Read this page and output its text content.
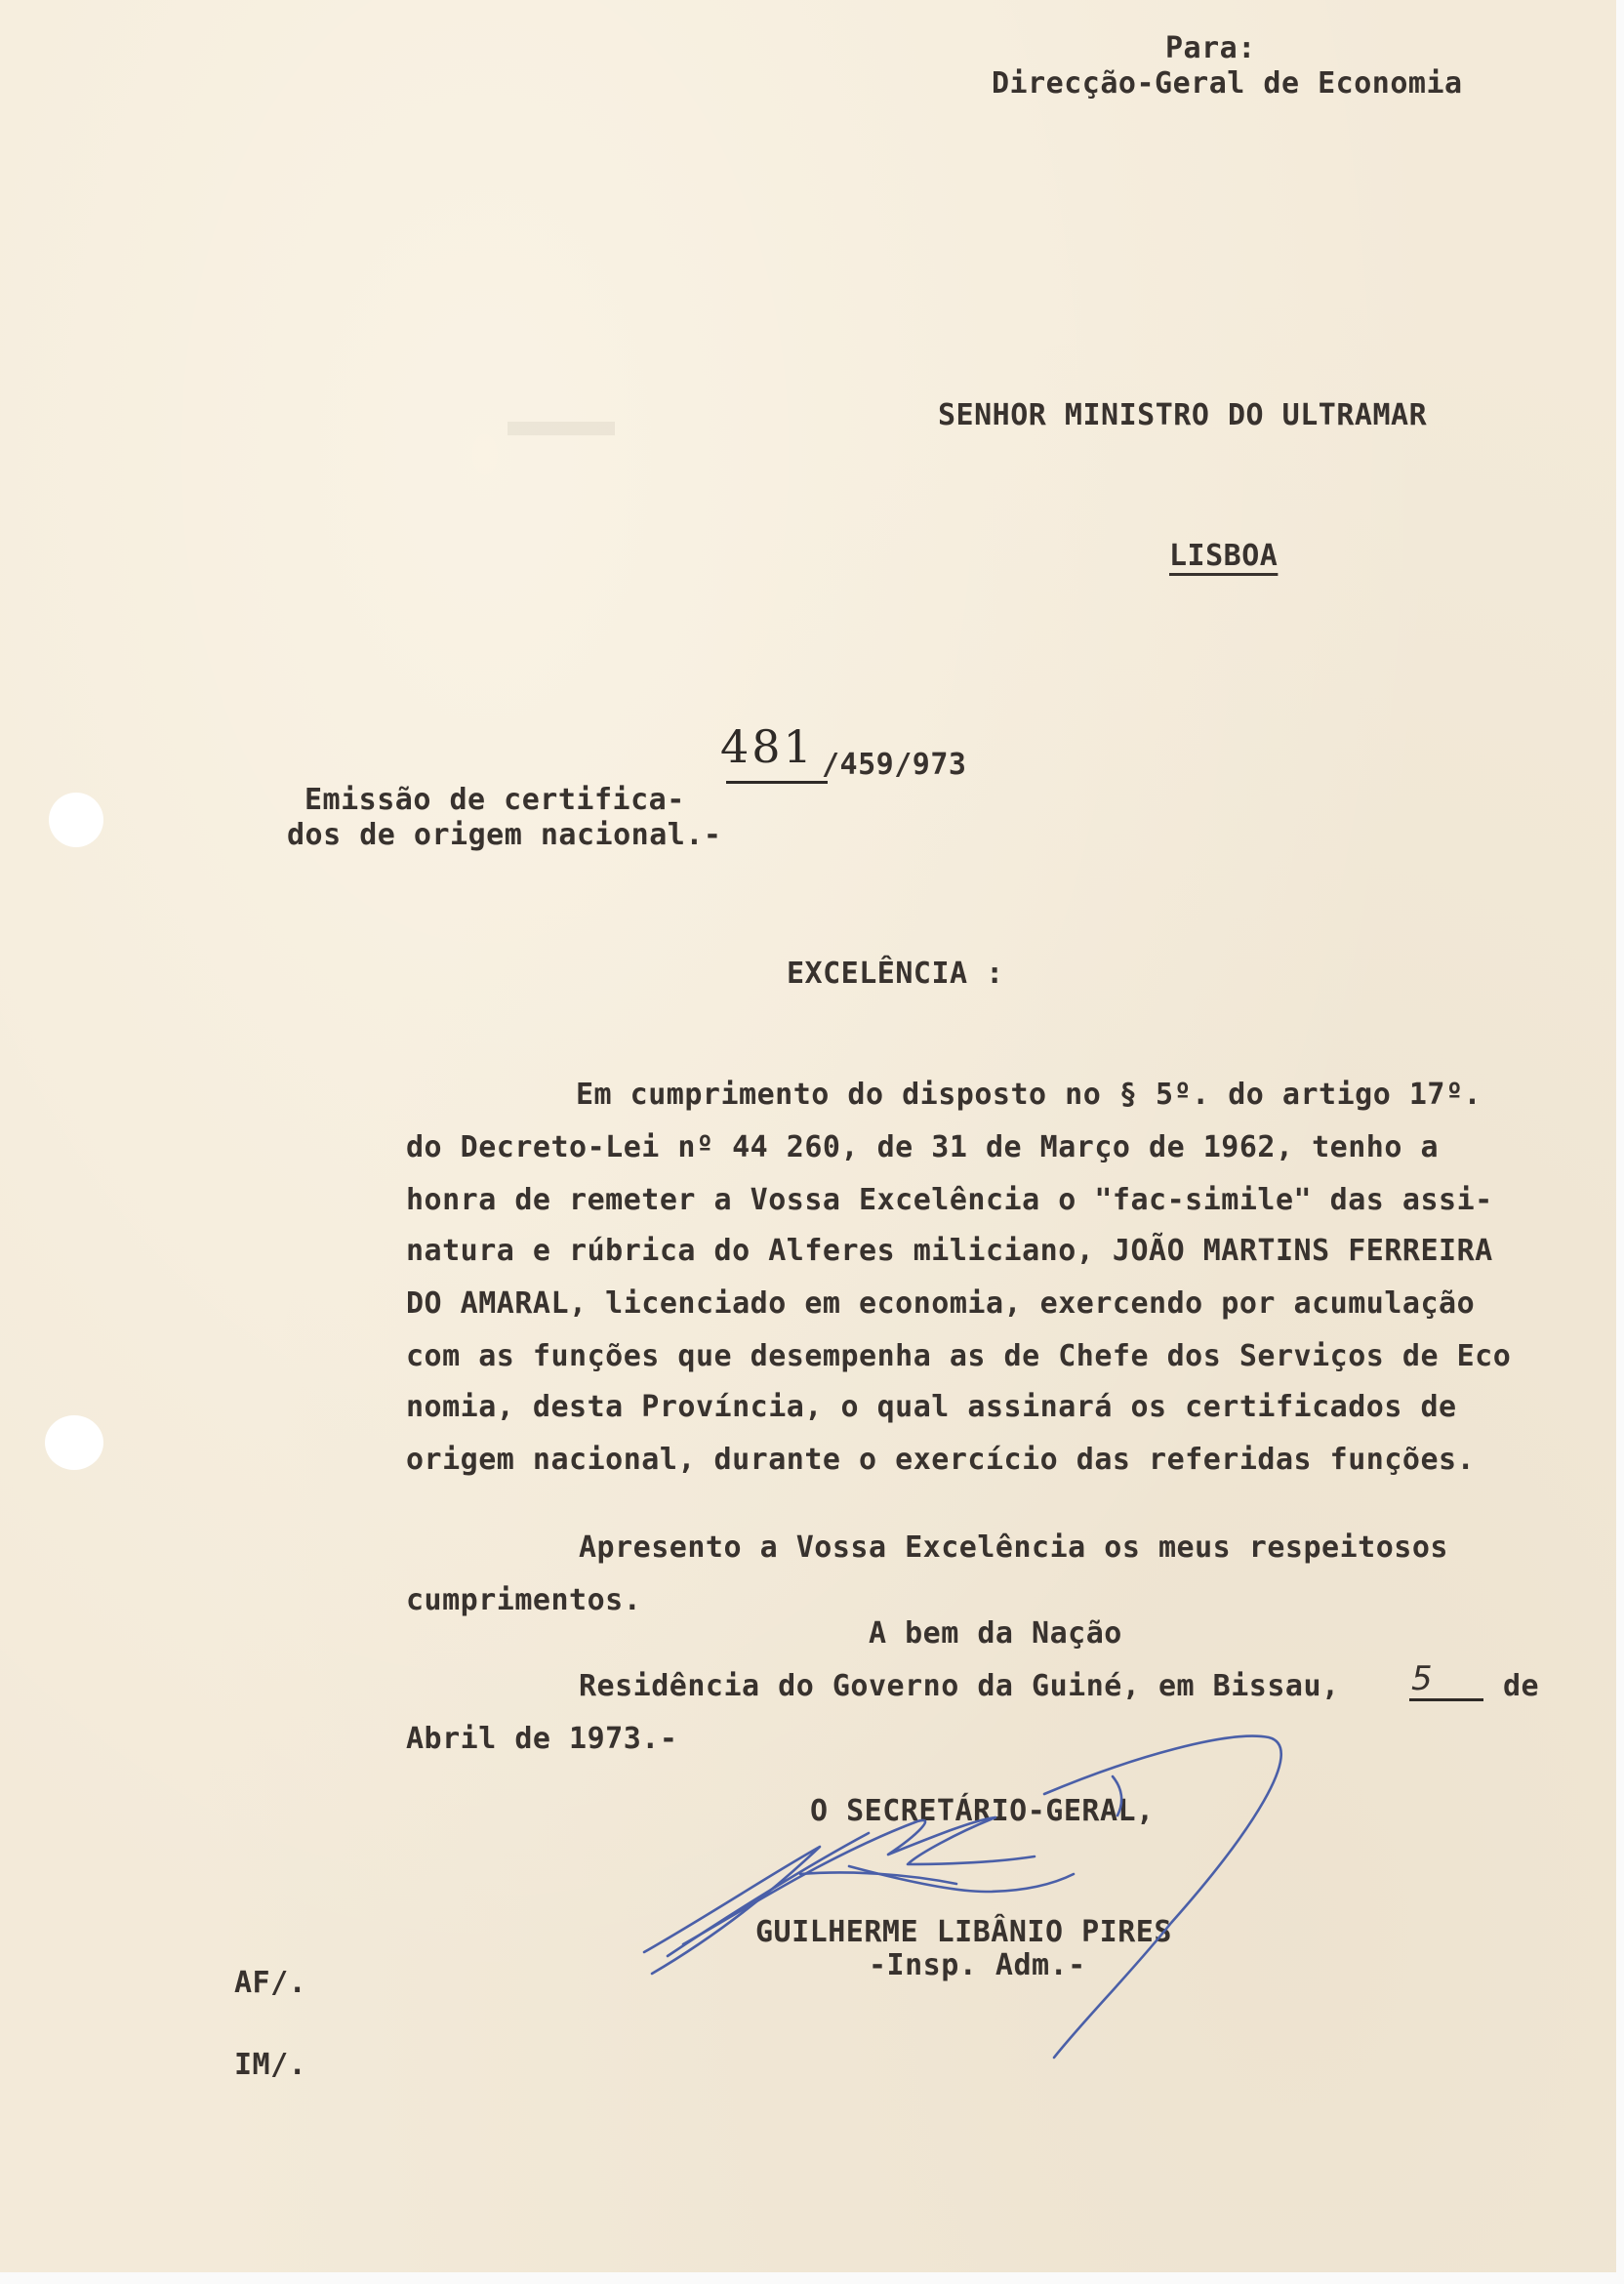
Para:
Direcção-Geral de Economia
SENHOR MINISTRO DO ULTRAMAR
LISBOA
481 /459/973
Emissão de certifica-
dos de origem nacional.-
EXCELÊNCIA :
Em cumprimento do disposto no § 5º. do artigo 17º.
do Decreto-Lei nº 44 260, de 31 de Março de 1962, tenho a
honra de remeter a Vossa Excelência o "fac-simile" das assi-
natura e rúbrica do Alferes miliciano, JOÃO MARTINS FERREIRA
DO AMARAL, licenciado em economia, exercendo por acumulação
com as funções que desempenha as de Chefe dos Serviços de Eco
nomia, desta Província, o qual assinará os certificados de
origem nacional, durante o exercício das referidas funções.
Apresento a Vossa Excelência os meus respeitosos
cumprimentos.
A bem da Nação
Residência do Governo da Guiné, em Bissau, 5 de
Abril de 1973.-
O SECRETÁRIO-GERAL,
GUILHERME LIBÂNIO PIRES
-Insp. Adm.-
AF/.
IM/.
